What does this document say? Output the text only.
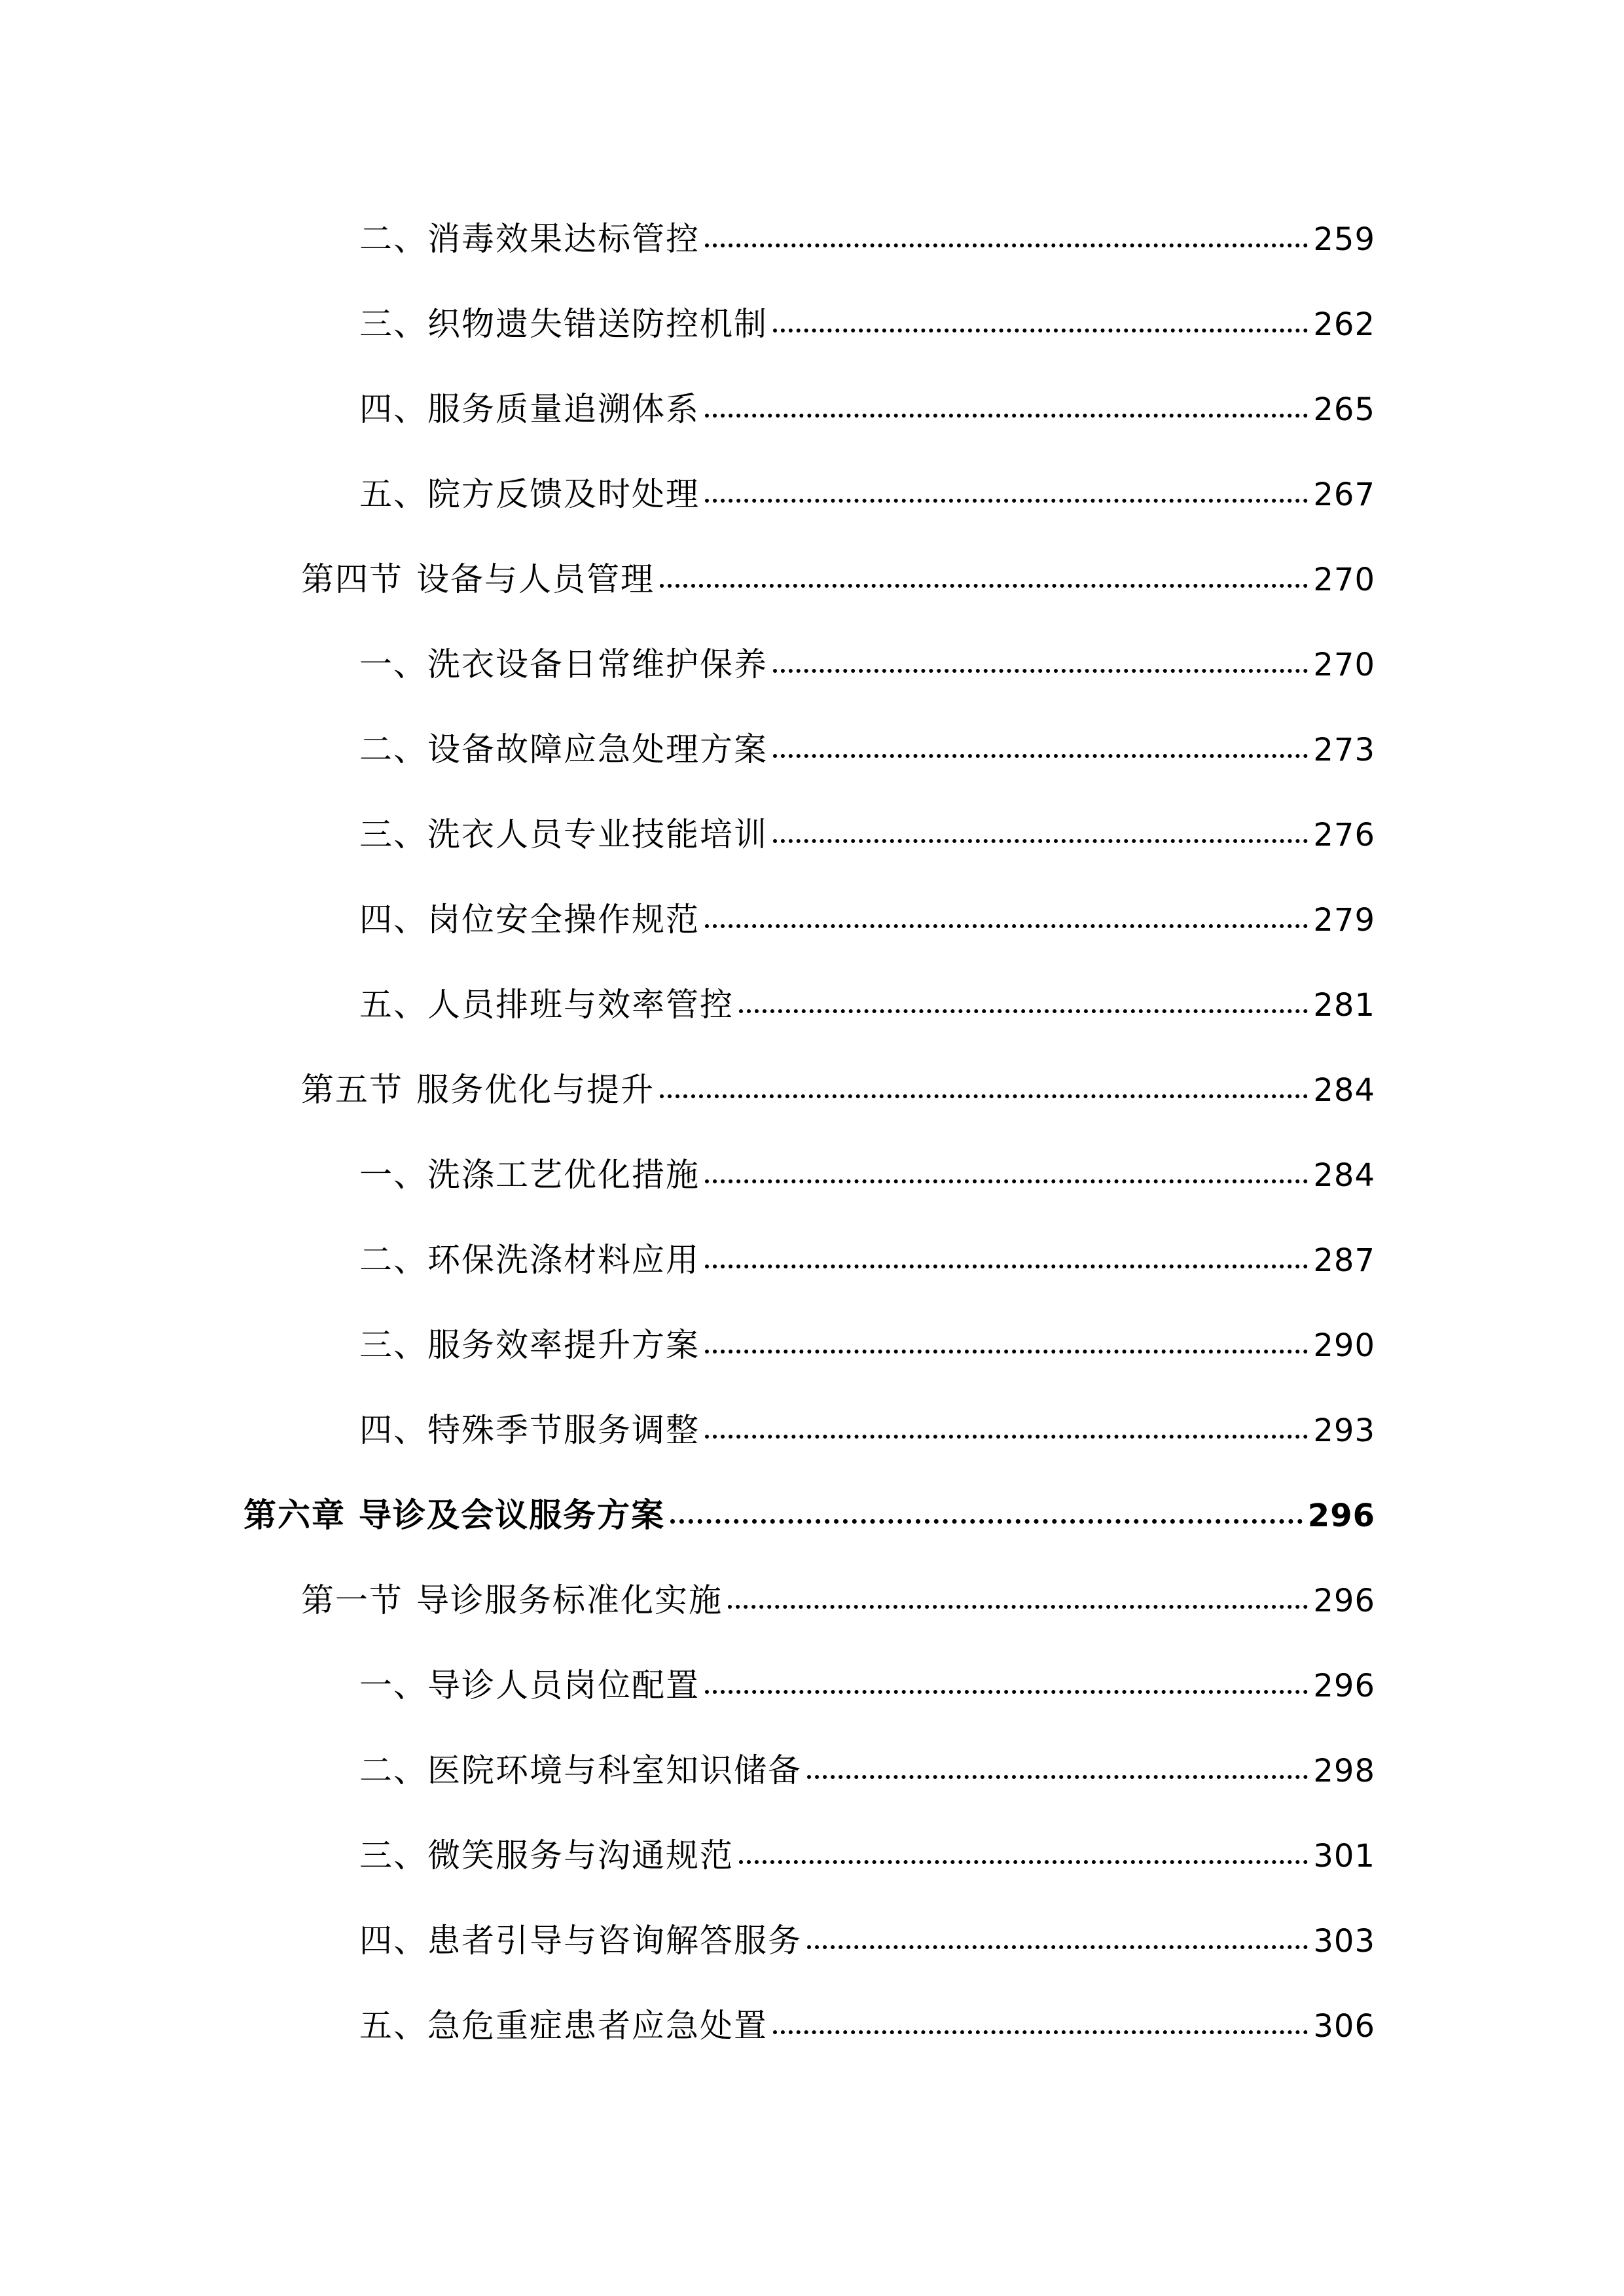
二、消毒效果达标管控	259
三、织物遗失错送防控机制	262
四、服务质量追溯体系	265
五、院方反馈及时处理	267
第四节 设备与人员管理	270
一、洗衣设备日常维护保养	270
二、设备故障应急处理方案	273
三、洗衣人员专业技能培训	276
四、岗位安全操作规范	279
五、人员排班与效率管控	281
第五节 服务优化与提升	284
一、洗涤工艺优化措施	284
二、环保洗涤材料应用	287
三、服务效率提升方案	290
四、特殊季节服务调整	293
第六章 导诊及会议服务方案	296
第一节 导诊服务标准化实施	296
一、导诊人员岗位配置	296
二、医院环境与科室知识储备	298
三、微笑服务与沟通规范	301
四、患者引导与咨询解答服务	303
五、急危重症患者应急处置	306
